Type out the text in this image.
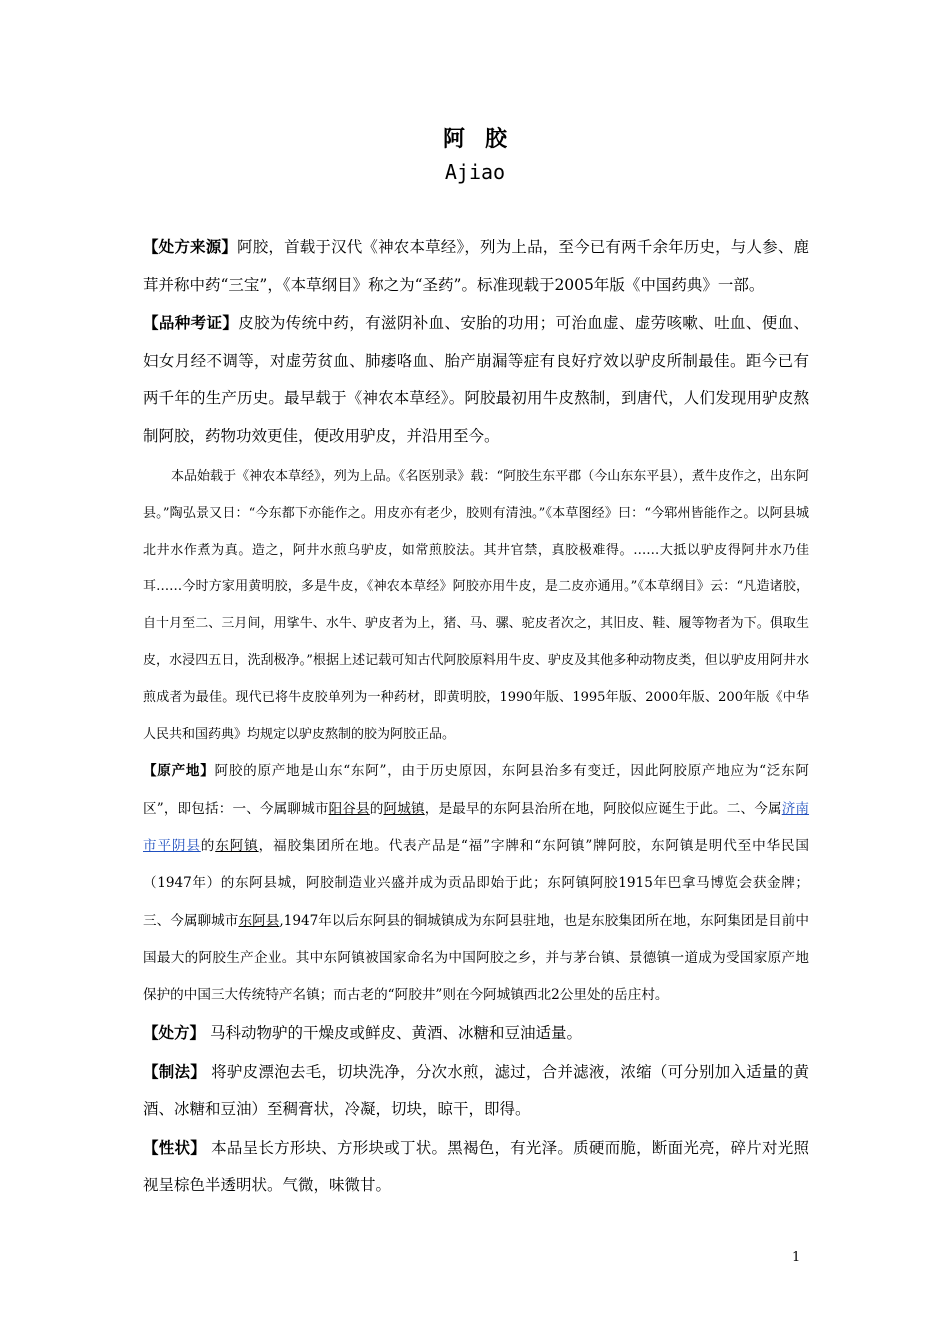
阿胶
Ajiao

【处方来源】阿胶，首载于汉代《神农本草经》，列为上品，至今已有两千余年历史，与人参、鹿茸并称中药“三宝”，《本草纲目》称之为“圣药”。标准现载于2005年版《中国药典》一部。

【品种考证】皮胶为传统中药，有滋阴补血、安胎的功用；可治血虚、虚劳咳嗽、吐血、便血、妇女月经不调等，对虚劳贫血、肺痿咯血、胎产崩漏等症有良好疗效以驴皮所制最佳。距今已有两千年的生产历史。最早载于《神农本草经》。阿胶最初用牛皮熬制，到唐代，人们发现用驴皮熬制阿胶，药物功效更佳，便改用驴皮，并沿用至今。

本品始载于《神农本草经》，列为上品。《名医别录》载：“阿胶生东平郡（今山东东平县），煮牛皮作之，出东阿县。”陶弘景又日：“今东都下亦能作之。用皮亦有老少，胶则有清浊。”《本草图经》曰：“今郓州皆能作之。以阿县城北井水作煮为真。造之，阿井水煎乌驴皮，如常煎胶法。其井官禁，真胶极难得。……大抵以驴皮得阿井水乃佳耳……今时方家用黄明胶，多是牛皮，《神农本草经》阿胶亦用牛皮，是二皮亦通用。”《本草纲目》云：“凡造诸胶，自十月至二、三月间，用挲牛、水牛、驴皮者为上，猪、马、骡、驼皮者次之，其旧皮、鞋、履等物者为下。俱取生皮，水浸四五日，洗刮极净。”根据上述记载可知古代阿胶原料用牛皮、驴皮及其他多种动物皮类，但以驴皮用阿井水煎成者为最佳。现代已将牛皮胶单列为一种药材，即黄明胶，1990年版、1995年版、2000年版、200年版《中华人民共和国药典》均规定以驴皮熬制的胶为阿胶正品。

【原产地】阿胶的原产地是山东“东阿”，由于历史原因，东阿县治多有变迁，因此阿胶原产地应为“泛东阿区”，即包括：一、今属聊城市阳谷县的阿城镇，是最早的东阿县治所在地，阿胶似应诞生于此。二、今属济南市平阴县的东阿镇，福胶集团所在地。代表产品是“福”字牌和“东阿镇”牌阿胶，东阿镇是明代至中华民国（1947年）的东阿县城，阿胶制造业兴盛并成为贡品即始于此；东阿镇阿胶1915年巴拿马博览会获金牌；三、今属聊城市东阿县,1947年以后东阿县的铜城镇成为东阿县驻地，也是东胶集团所在地，东阿集团是目前中国最大的阿胶生产企业。其中东阿镇被国家命名为中国阿胶之乡，并与茅台镇、景德镇一道成为受国家原产地保护的中国三大传统特产名镇；而古老的“阿胶井”则在今阿城镇西北2公里处的岳庄村。

【处方】 马科动物驴的干燥皮或鲜皮、黄酒、冰糖和豆油适量。

【制法】 将驴皮漂泡去毛，切块洗净，分次水煎，滤过，合并滤液，浓缩（可分别加入适量的黄酒、冰糖和豆油）至稠膏状，冷凝，切块，晾干，即得。

【性状】 本品呈长方形块、方形块或丁状。黑褐色，有光泽。质硬而脆，断面光亮，碎片对光照视呈棕色半透明状。气微，味微甘。

1
